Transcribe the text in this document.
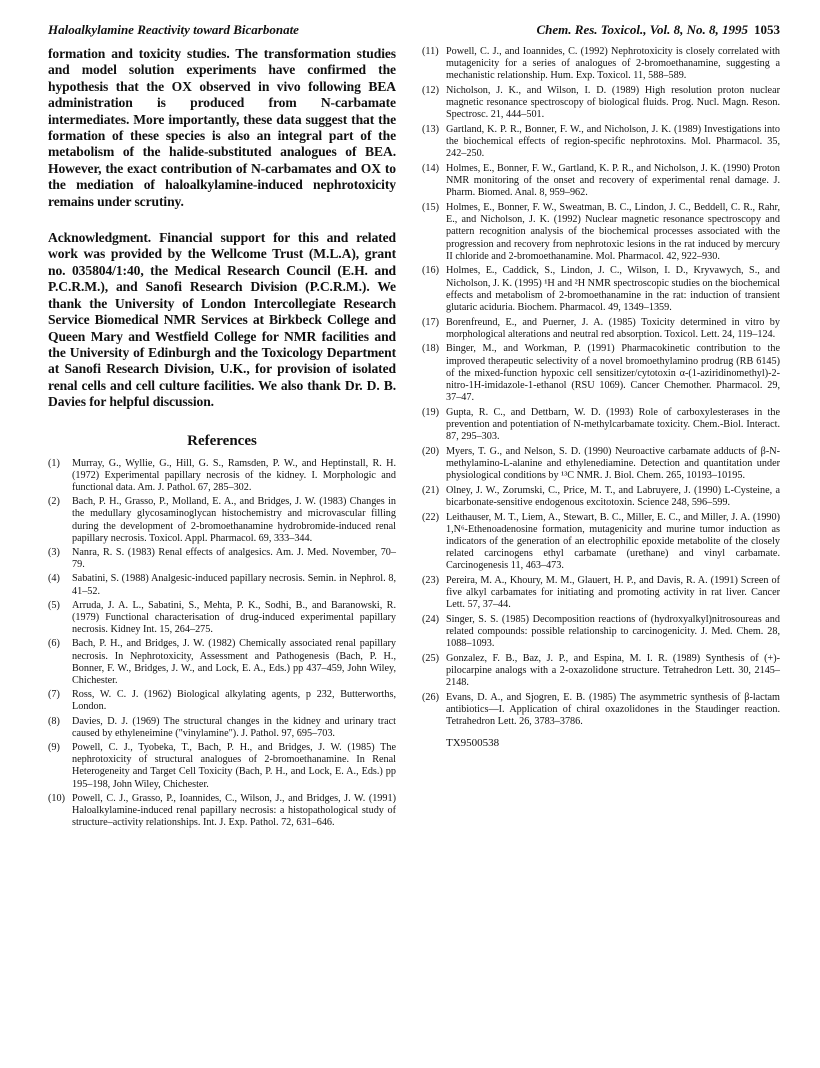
Haloalkylamine Reactivity toward Bicarbonate	Chem. Res. Toxicol., Vol. 8, No. 8, 1995 1053

formation and toxicity studies. The transformation studies and model solution experiments have confirmed the hypothesis that the OX observed in vivo following BEA administration is produced from N-carbamate intermediates. More importantly, these data suggest that the formation of these species is also an integral part of the metabolism of the halide-substituted analogues of BEA. However, the exact contribution of N-carbamates and OX to the mediation of haloalkylamine-induced nephrotoxicity remains under scrutiny.

Acknowledgment. Financial support for this and related work was provided by the Wellcome Trust (M.L.A), grant no. 035804/1:40, the Medical Research Council (E.H. and P.C.R.M.), and Sanofi Research Division (P.C.R.M.). We thank the University of London Intercollegiate Research Service Biomedical NMR Services at Birkbeck College and Queen Mary and Westfield College for NMR facilities and the University of Edinburgh and the Toxicology Department at Sanofi Research Division, U.K., for provision of isolated renal cells and cell culture facilities. We also thank Dr. D. B. Davies for helpful discussion.

References
(1)	Murray, G., Wyllie, G., Hill, G. S., Ramsden, P. W., and Heptinstall, R. H. (1972) Experimental papillary necrosis of the kidney. I. Morphologic and functional data. Am. J. Pathol. 67, 285–302.
(2)	Bach, P. H., Grasso, P., Molland, E. A., and Bridges, J. W. (1983) Changes in the medullary glycosaminoglycan histochemistry and microvascular filling during the development of 2-bromoethanamine hydrobromide-induced renal papillary necrosis. Toxicol. Appl. Pharmacol. 69, 333–344.
(3)	Nanra, R. S. (1983) Renal effects of analgesics. Am. J. Med. November, 70–79.
(4)	Sabatini, S. (1988) Analgesic-induced papillary necrosis. Semin. in Nephrol. 8, 41–52.
(5)	Arruda, J. A. L., Sabatini, S., Mehta, P. K., Sodhi, B., and Baranowski, R. (1979) Functional characterisation of drug-induced experimental papillary necrosis. Kidney Int. 15, 264–275.
(6)	Bach, P. H., and Bridges, J. W. (1982) Chemically associated renal papillary necrosis. In Nephrotoxicity, Assessment and Pathogenesis (Bach, P. H., Bonner, F. W., Bridges, J. W., and Lock, E. A., Eds.) pp 437–459, John Wiley, Chichester.
(7)	Ross, W. C. J. (1962) Biological alkylating agents, p 232, Butterworths, London.
(8)	Davies, D. J. (1969) The structural changes in the kidney and urinary tract caused by ethyleneimine ("vinylamine"). J. Pathol. 97, 695–703.
(9)	Powell, C. J., Tyobeka, T., Bach, P. H., and Bridges, J. W. (1985) The nephrotoxicity of structural analogues of 2-bromoethanamine. In Renal Heterogeneity and Target Cell Toxicity (Bach, P. H., and Lock, E. A., Eds.) pp 195–198, John Wiley, Chichester.
(10) Powell, C. J., Grasso, P., Ioannides, C., Wilson, J., and Bridges, J. W. (1991) Haloalkylamine-induced renal papillary necrosis: a histopathological study of structure–activity relationships. Int. J. Exp. Pathol. 72, 631–646.
(11) Powell, C. J., and Ioannides, C. (1992) Nephrotoxicity is closely correlated with mutagenicity for a series of analogues of 2-bromoethanamine, suggesting a mechanistic relationship. Hum. Exp. Toxicol. 11, 588–589.
(12) Nicholson, J. K., and Wilson, I. D. (1989) High resolution proton nuclear magnetic resonance spectroscopy of biological fluids. Prog. Nucl. Magn. Reson. Spectrosc. 21, 444–501.
(13) Gartland, K. P. R., Bonner, F. W., and Nicholson, J. K. (1989) Investigations into the biochemical effects of region-specific nephrotoxins. Mol. Pharmacol. 35, 242–250.
(14) Holmes, E., Bonner, F. W., Gartland, K. P. R., and Nicholson, J. K. (1990) Proton NMR monitoring of the onset and recovery of experimental renal damage. J. Pharm. Biomed. Anal. 8, 959–962.
(15) Holmes, E., Bonner, F. W., Sweatman, B. C., Lindon, J. C., Beddell, C. R., Rahr, E., and Nicholson, J. K. (1992) Nuclear magnetic resonance spectroscopy and pattern recognition analysis of the biochemical processes associated with the progression and recovery from nephrotoxic lesions in the rat induced by mercury II chloride and 2-bromoethanamine. Mol. Pharmacol. 42, 922–930.
(16) Holmes, E., Caddick, S., Lindon, J. C., Wilson, I. D., Kryvawych, S., and Nicholson, J. K. (1995) ¹H and ²H NMR spectroscopic studies on the biochemical effects and metabolism of 2-bromoethanamine in the rat: induction of transient glutaric aciduria. Biochem. Pharmacol. 49, 1349–1359.
(17) Borenfreund, E., and Puerner, J. A. (1985) Toxicity determined in vitro by morphological alterations and neutral red absorption. Toxicol. Lett. 24, 119–124.
(18) Binger, M., and Workman, P. (1991) Pharmacokinetic contribution to the improved therapeutic selectivity of a novel bromoethylamino prodrug (RB 6145) of the mixed-function hypoxic cell sensitizer/cytotoxin α-(1-aziridinomethyl)-2-nitro-1H-imidazole-1-ethanol (RSU 1069). Cancer Chemother. Pharmacol. 29, 37–47.
(19) Gupta, R. C., and Dettbarn, W. D. (1993) Role of carboxylesterases in the prevention and potentiation of N-methylcarbamate toxicity. Chem.-Biol. Interact. 87, 295–303.
(20) Myers, T. G., and Nelson, S. D. (1990) Neuroactive carbamate adducts of β-N-methylamino-L-alanine and ethylenediamine. Detection and quantitation under physiological conditions by ¹³C NMR. J. Biol. Chem. 265, 10193–10195.
(21) Olney, J. W., Zorumski, C., Price, M. T., and Labruyere, J. (1990) L-Cysteine, a bicarbonate-sensitive endogenous excitotoxin. Science 248, 596–599.
(22) Leithauser, M. T., Liem, A., Stewart, B. C., Miller, E. C., and Miller, J. A. (1990) 1,N⁶-Ethenoadenosine formation, mutagenicity and murine tumor induction as indicators of the generation of an electrophilic epoxide metabolite of the closely related carcinogens ethyl carbamate (urethane) and vinyl carbamate. Carcinogenesis 11, 463–473.
(23) Pereira, M. A., Khoury, M. M., Glauert, H. P., and Davis, R. A. (1991) Screen of five alkyl carbamates for initiating and promoting activity in rat liver. Cancer Lett. 57, 37–44.
(24) Singer, S. S. (1985) Decomposition reactions of (hydroxyalkyl)nitrosoureas and related compounds: possible relationship to carcinogenicity. J. Med. Chem. 28, 1088–1093.
(25) Gonzalez, F. B., Baz, J. P., and Espina, M. I. R. (1989) Synthesis of (+)-pilocarpine analogs with a 2-oxazolidone structure. Tetrahedron Lett. 30, 2145–2148.
(26) Evans, D. A., and Sjogren, E. B. (1985) The asymmetric synthesis of β-lactam antibiotics—I. Application of chiral oxazolidones in the Staudinger reaction. Tetrahedron Lett. 26, 3783–3786.
TX9500538
